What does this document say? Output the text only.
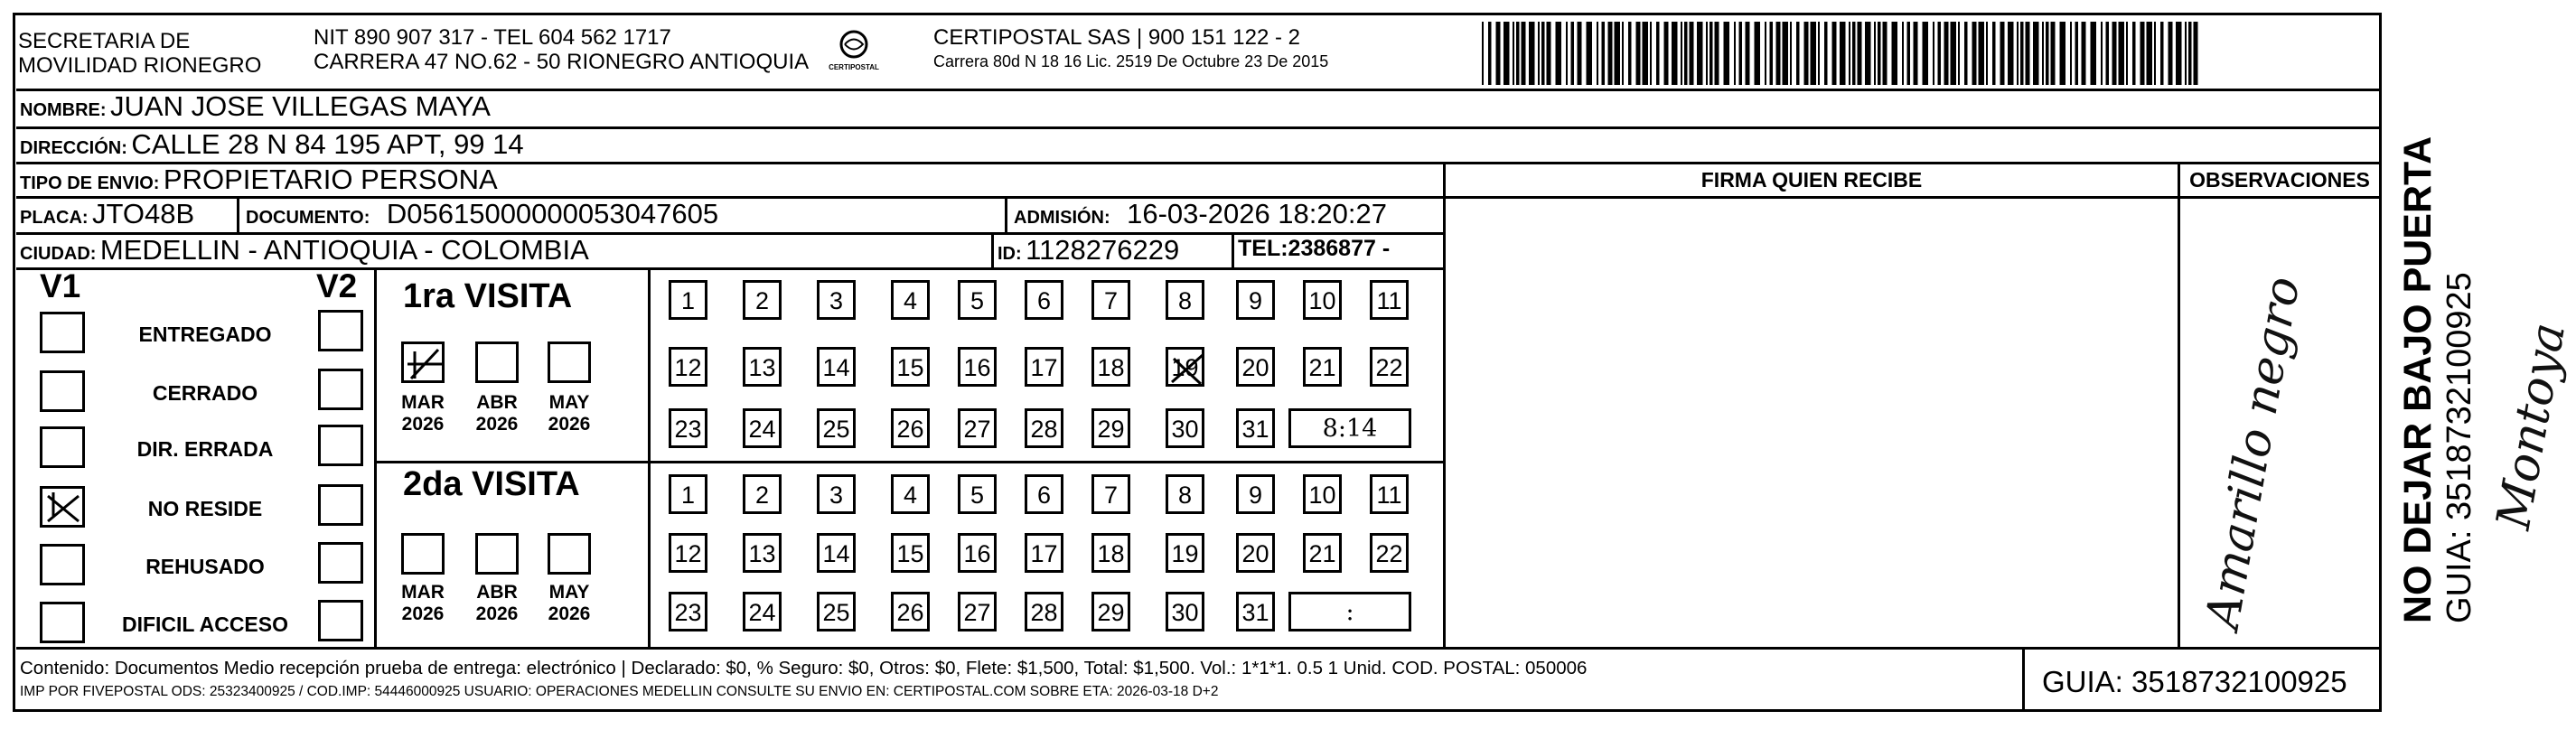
SECRETARIA DE
MOVILIDAD RIONEGRO
NIT 890 907 317 - TEL 604 562 1717
CARRERA 47 NO.62 - 50 RIONEGRO ANTIOQUIA	CERTIPOSTAL
CERTIPOSTAL SAS | 900 151 122 - 2
Carrera 80d N 18 16 Lic. 2519 De Octubre 23 De 2015
NOMBRE: JUAN JOSE VILLEGAS MAYA
DIRECCIÓN: CALLE 28 N 84 195 APT, 99 14
TIPO DE ENVIO: PROPIETARIO PERSONA	FIRMA QUIEN RECIBE	OBSERVACIONES
PLACA: JTO48B	DOCUMENTO: D05615000000053047605	ADMISIÓN: 16-03-2026 18:20:27
CIUDAD: MEDELLIN - ANTIOQUIA - COLOMBIA	ID: 1128276229	TEL:2386877 -
V1	V2
ENTREGADO
CERRADO
DIR. ERRADA
NO RESIDE
REHUSADO
DIFICIL ACCESO
1ra VISITA
2da VISITA
MAR
2026
ABR
2026
MAY
2026
1	2	3	4	5	6	7	8	9	10 11
12 13 14 15 16 17 18 19 20 21 22
23 24 25 26 27 28 29 30 31	8:14
MAR
2026
ABR
2026
MAY
2026
1	2	3	4	5	6	7	8	9	10 11
12 13 14 15 16 17 18 19 20 21 22
23 24 25 26 27 28 29 30 31	:
Contenido: Documentos Medio recepción prueba de entrega: electrónico | Declarado: $0, % Seguro: $0, Otros: $0, Flete: $1,500, Total: $1,500. Vol.: 1*1*1. 0.5 1 Unid. COD. POSTAL: 050006
IMP POR FIVEPOSTAL ODS: 25323400925 / COD.IMP: 54446000925 USUARIO: OPERACIONES MEDELLIN CONSULTE SU ENVIO EN: CERTIPOSTAL.COM SOBRE ETA: 2026-03-18 D+2	GUIA: 3518732100925
NO DEJAR BAJO PUERTA GUIA: 3518732100925
Amarillo negro	Montoya
